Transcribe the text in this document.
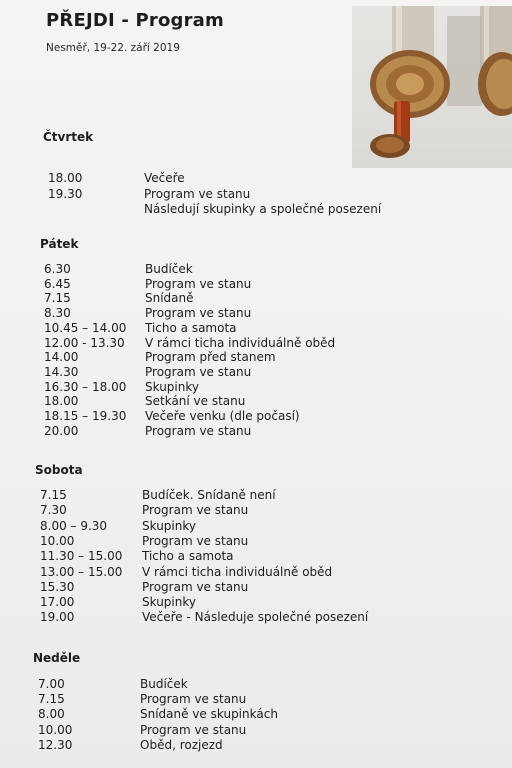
PŘEJDI - Program
Nesměř, 19-22. září 2019
Čtvrtek
18.00	Večeře
19.30	Program ve stanu
Následují skupinky a společné posezení
Pátek
6.30	Budíček
6.45	Program ve stanu
7.15	Snídaně
8.30	Program ve stanu
10.45 – 14.00 Ticho a samota
12.00 - 13.30 V rámci ticha individuálně oběd
14.00	Program před stanem
14.30	Program ve stanu
16.30 – 18.00 Skupinky
18.00	Setkání ve stanu
18.15 – 19.30 Večeře venku (dle počasí)
20.00	Program ve stanu
Sobota
7.15	Budíček. Snídaně není
7.30	Program ve stanu
8.00 – 9.30	Skupinky
10.00	Program ve stanu
11.30 – 15.00 Ticho a samota
13.00 – 15.00 V rámci ticha individuálně oběd
15.30	Program ve stanu
17.00	Skupinky
19.00	Večeře - Následuje společné posezení
Neděle
7.00	Budíček
7.15	Program ve stanu
8.00	Snídaně ve skupinkách
10.00	Program ve stanu
12.30	Oběd, rozjezd
